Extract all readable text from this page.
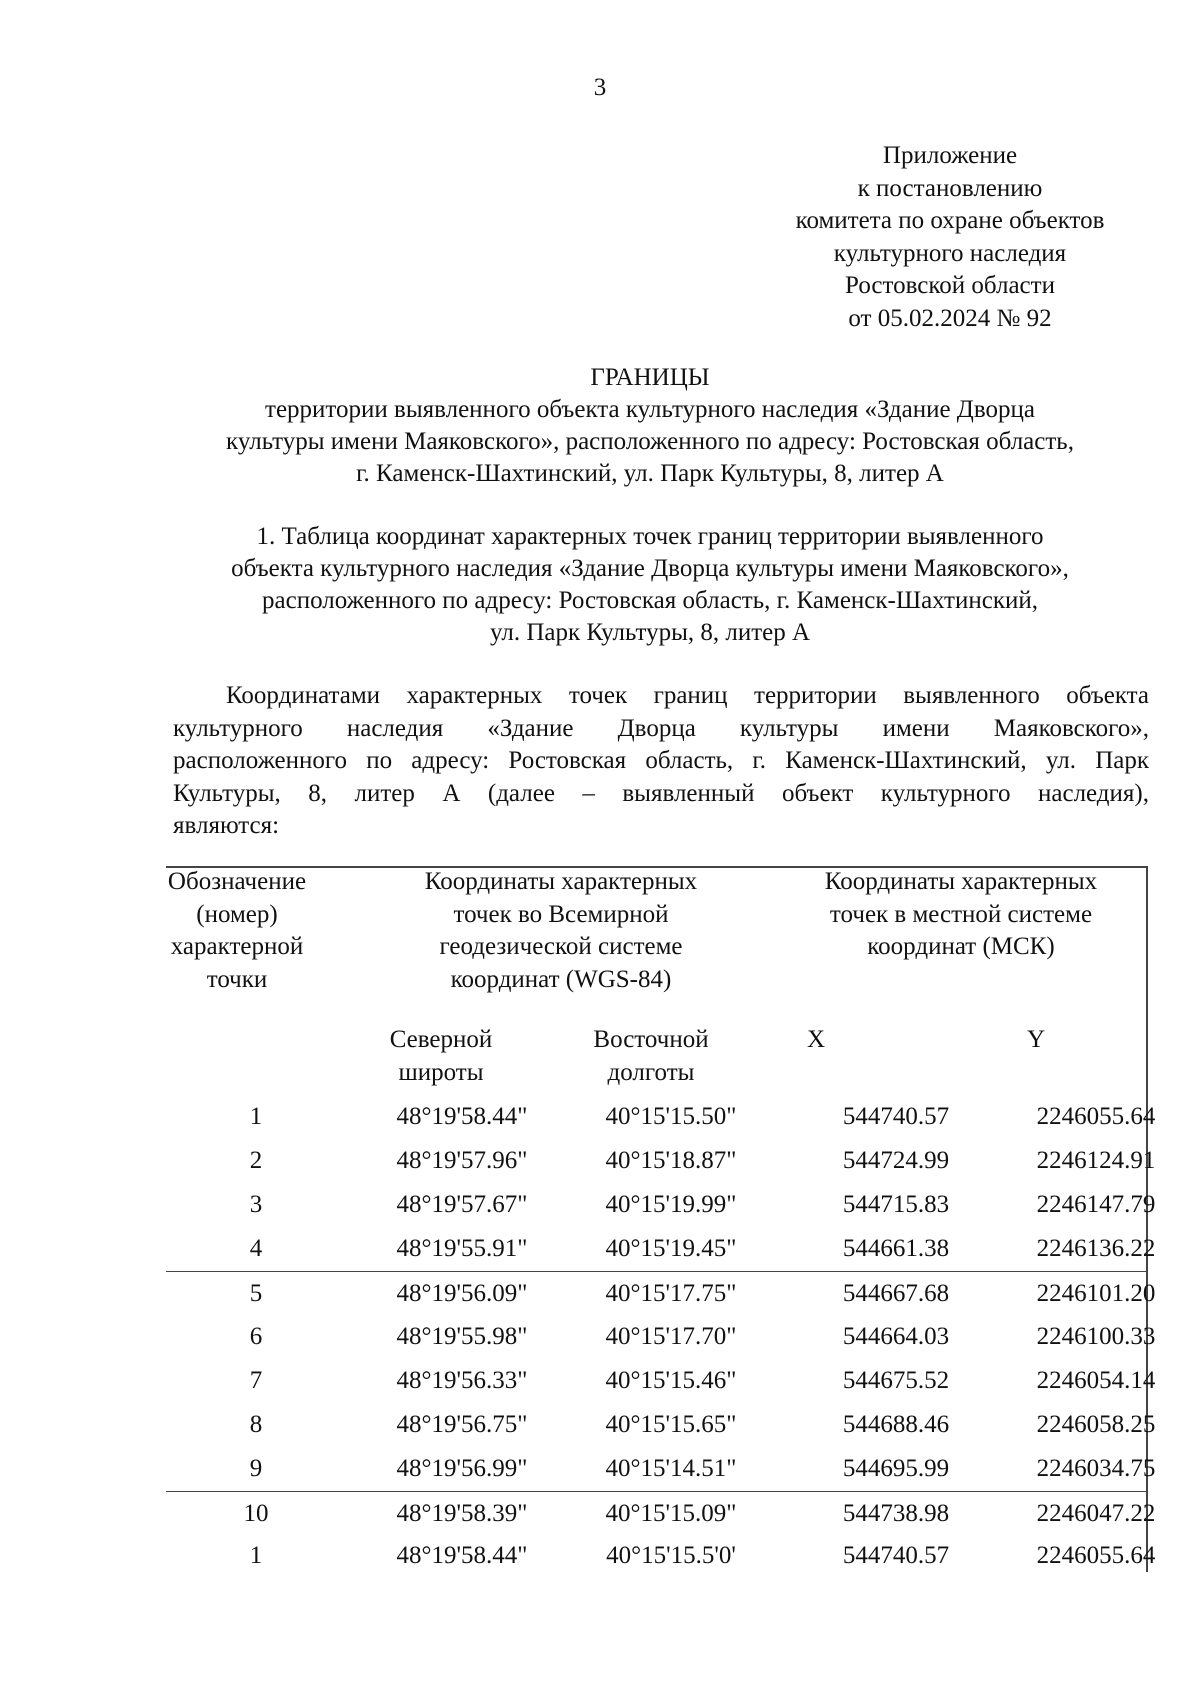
3
Приложение
к постановлению
комитета по охране объектов
культурного наследия
Ростовской области
от 05.02.2024 № 92
ГРАНИЦЫ
территории выявленного объекта культурного наследия «Здание Дворца
культуры имени Маяковского», расположенного по адресу: Ростовская область,
г. Каменск-Шахтинский, ул. Парк Культуры, 8, литер А
1. Таблица координат характерных точек границ территории выявленного
объекта культурного наследия «Здание Дворца культуры имени Маяковского»,
расположенного по адресу: Ростовская область, г. Каменск-Шахтинский,
ул. Парк Культуры, 8, литер А
Координатами характерных точек границ территории выявленного объекта
культурного наследия «Здание Дворца культуры имени Маяковского»,
расположенного по адресу: Ростовская область, г. Каменск-Шахтинский, ул. Парк
Культуры, 8, литер А (далее – выявленный объект культурного наследия),
являются:
Обозначение
(номер)
характерной
точки
Координаты характерных
точек во Всемирной
геодезической системе
координат (WGS-84)
Координаты характерных
точек в местной системе
координат (МСК)
Северной
широты
Восточной
долготы
X	Y
1	48°19'58.44"	40°15'15.50"	544740.57	2246055.64
2	48°19'57.96"	40°15'18.87"	544724.99	2246124.91
3	48°19'57.67"	40°15'19.99"	544715.83	2246147.79
4	48°19'55.91"	40°15'19.45"	544661.38	2246136.22
5	48°19'56.09"	40°15'17.75"	544667.68	2246101.20
6	48°19'55.98"	40°15'17.70"	544664.03	2246100.33
7	48°19'56.33"	40°15'15.46"	544675.52	2246054.14
8	48°19'56.75"	40°15'15.65"	544688.46	2246058.25
9	48°19'56.99"	40°15'14.51"	544695.99	2246034.75
10	48°19'58.39"	40°15'15.09"	544738.98	2246047.22
1	48°19'58.44"	40°15'15.5'0'	544740.57	2246055.64
